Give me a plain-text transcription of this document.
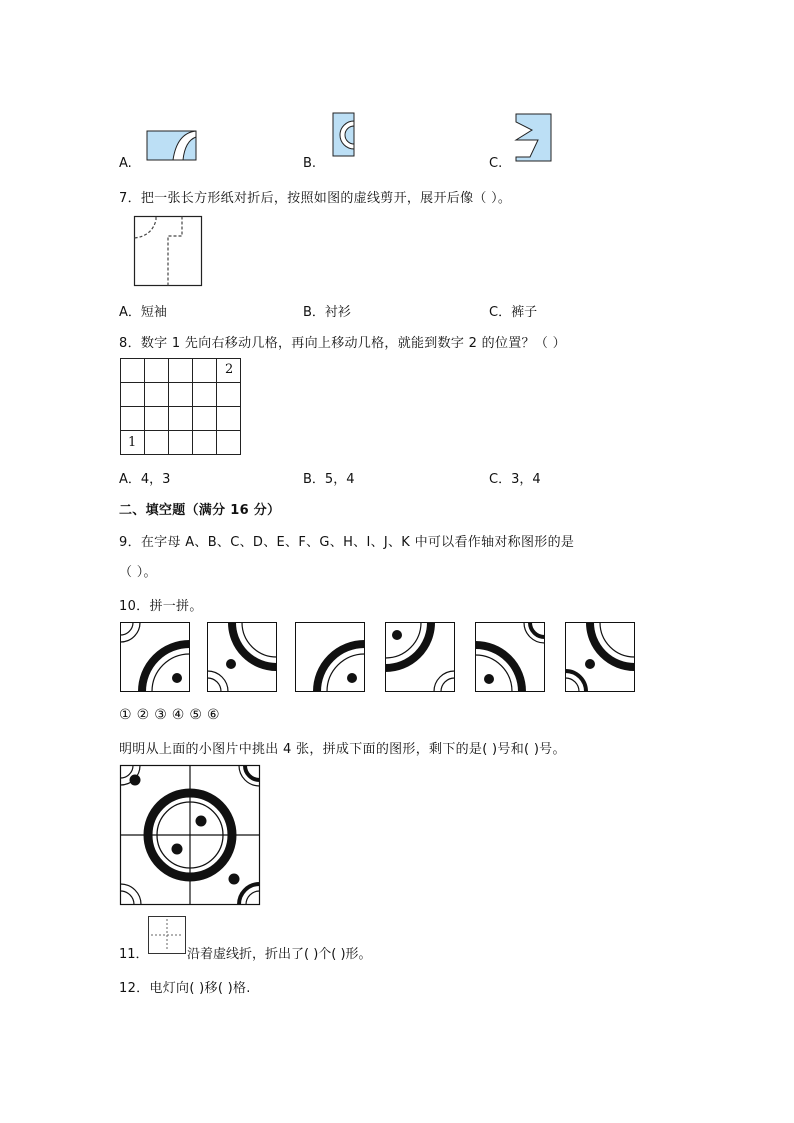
A.	B.	C.
7．把一张长方形纸对折后，按照如图的虚线剪开，展开后像（ ）。
A．短袖	B．衬衫	C．裤子
8．数字 1 先向右移动几格，再向上移动几格，就能到数字 2 的位置？（ ）
2
1
A．4，3	B．5，4	C．3，4
二、填空题（满分 16 分）
9．在字母 A、B、C、D、E、F、G、H、I、J、K 中可以看作轴对称图形的是
（ ）。
10．拼一拼。
① ② ③ ④ ⑤ ⑥
明明从上面的小图片中挑出 4 张，拼成下面的图形，剩下的是( )号和( )号。
11．	沿着虚线折，折出了( )个( )形。
12．电灯向( )移( )格.
